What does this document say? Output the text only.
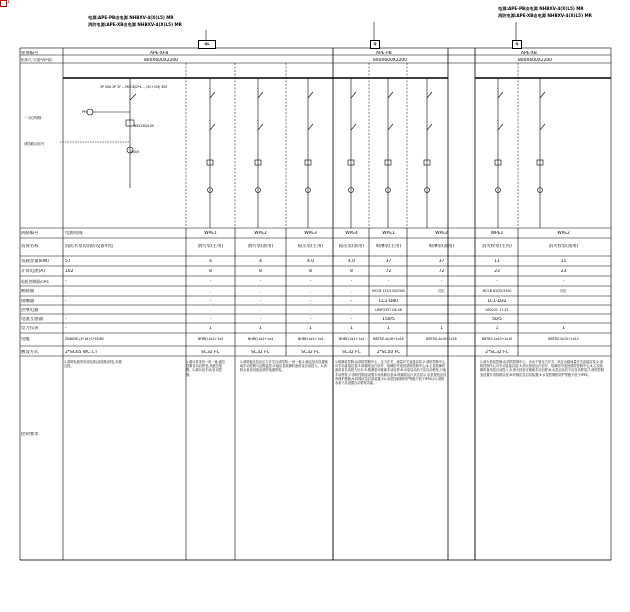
1
电源:APE-PB由电源 NHBXV-4(X(L5) MR
消防电源:APE-XB由电源 NHBXV-4(X(L5) MR
电源:APE-PB由电源 NHBXV-4(X(L5) MR
消防电源:APE-XB由电源 NHBXV-4(X(L5) MR
QL	Q	Q
柜体编号
柜体尺寸(宽*深*高)
一次回路
消防联动信号
回路编号
负荷名称
负载容量(kW)
计算电流(A)
电机控制器/CPS
断路器
接触器
热继电器
电流互感器
电力仪表
电缆
敷设方式
控制要求
APE-XFB
800X600X2200
APE-PB
800X600X2200
APE-XB
800X600X2200
3P 50A 2P 3F -- MCCB/2*4 -- (3C+CM) 30S
NSX160/100
PM
150/5
电源进线
消防水泵房消防设备用电
57
102
-
-
-
-
-
-
ZNBXVE-(4*16+1*16)RC
2*SC65 WC.CT
WPE1
潜污泵(主用)
4
8
-
-
-
-
-
1
NHBYJ-4x1+1x4
SC32 FC
WPE2
潜污泵(备用)
4
8
-
-
-
-
-
1
NHBYJ-4x1+1x4
SC32 FC
WPE3
稳压泵(主用)
4.0
8
-
-
-
-
-
1
NHBYJ-4x1+1x4
SC32 FC
WPE4
稳压泵(备用)
4.0
8
-
-
-
-
-
1
NHBYJ-4x1+1x4
SC32 FC
WPE1
喷淋泵(主用)
37
72
-
MCCB 125/100/3300
LC1-D80
LR9F5357 D6 S6
150/5
1
BBTRZ-4x16+1x16
2*SC50 FC
WPE2
喷淋泵(备用)
37
72
-
同左
1
BBTRZ-4x16+1x16
WPE1
消火栓泵(主用)
11
23
-
MCCB 63/32/3300
LC1-D32
LRD22C 17-25
50/5
1
BBTRZ-4x10+1x10
2*SC32 FC
WPE2
消火栓泵(备用)
11
23
-
同左
1
BBTRZ-4x10+1x10
1.消防电源采用双电源(双回路)供电,末端互投。
1.潜污泵采用一用一备,液位控制自动启停泵,高液位报警。2.潜污泵手动/自动控制。
1.消防稳压泵由压力开关自动控制,一用一备;2.稳压泵应设置就地手动控制与远程监控;3.稳压泵故障时备用泵自动投入。4.消防水泵房设备由消防电源供电。
1.喷淋泵控制:由消防控制中心、压力开关、流量开关直接启泵;2.消防控制中心可手动直接启泵;3.喷淋泵运行信号、故障信号返回消防控制中心;4.主泵故障时备用泵自动投入运行;5.喷淋泵可就地手动启停;6.水泵启动后不应自动停泵,只能手动停泵;7.消防控制室设置专用线路启泵;8.喷淋泵运行状态显示,启泵按钮应具有保护措施;9.机械应急启泵装置;10.水泵控制柜防护等级不低于IP55;11.消防水泵不应设置自动停泵功能。
1.消火栓泵控制:由消防控制中心、出水干管压力开关、高位水箱流量开关直接启泵;2.消防控制中心可手动直接启泵;3.消火栓泵运行信号、故障信号返回消防控制中心;4.主泵故障时备用泵自动投入;5.消火栓泵可就地手动启停;6.水泵启动后不应自动停泵;7.消防控制室设置专用线路启泵;8.机械应急启泵装置;9.水泵控制柜防护等级不低于IP55。
